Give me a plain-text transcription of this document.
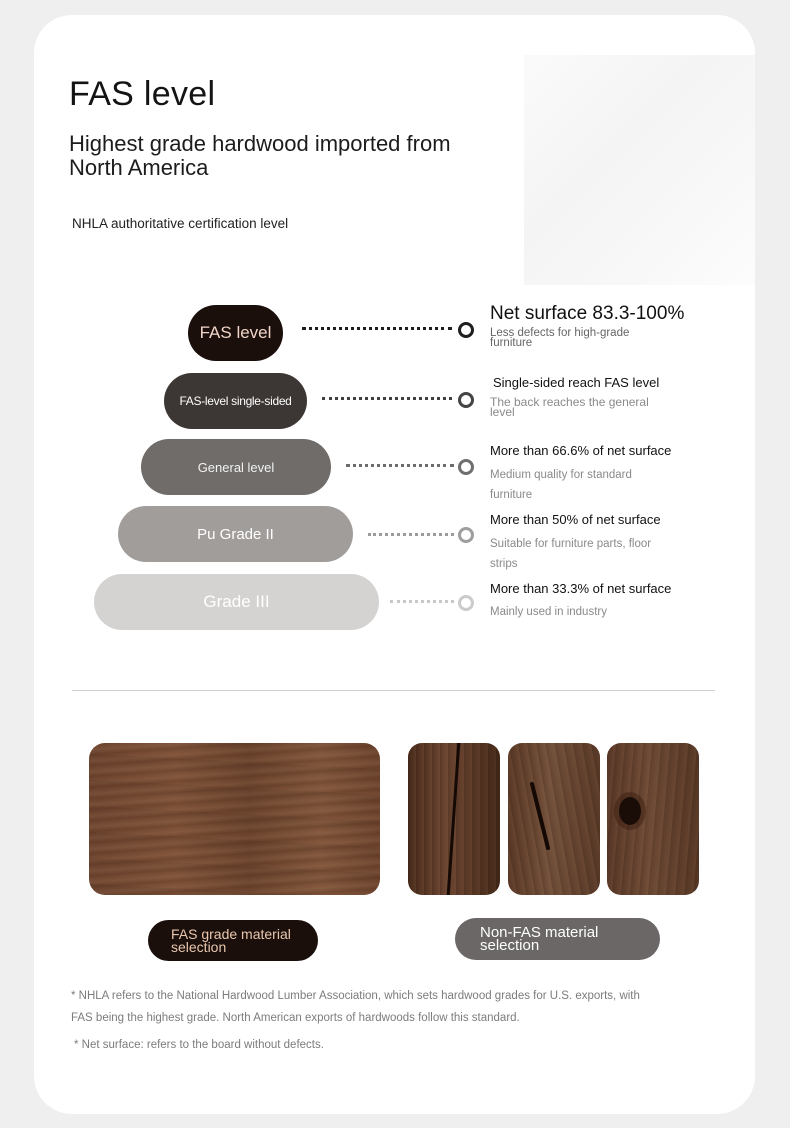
FAS level
Highest grade hardwood imported from North America
NHLA authoritative certification level
FAS level
FAS-level single-sided
General level
Pu Grade II
Grade III
Net surface 83.3-100%
Less defects for high-grade furniture
Single-sided reach FAS level
The back reaches the general level
More than 66.6% of net surface
Medium quality for standard furniture
More than 50% of net surface
Suitable for furniture parts, floor strips
More than 33.3% of net surface
Mainly used in industry
FAS grade material selection
Non-FAS material selection
* NHLA refers to the National Hardwood Lumber Association, which sets hardwood grades for U.S. exports, with FAS being the highest grade. North American exports of hardwoods follow this standard.
* Net surface: refers to the board without defects.
